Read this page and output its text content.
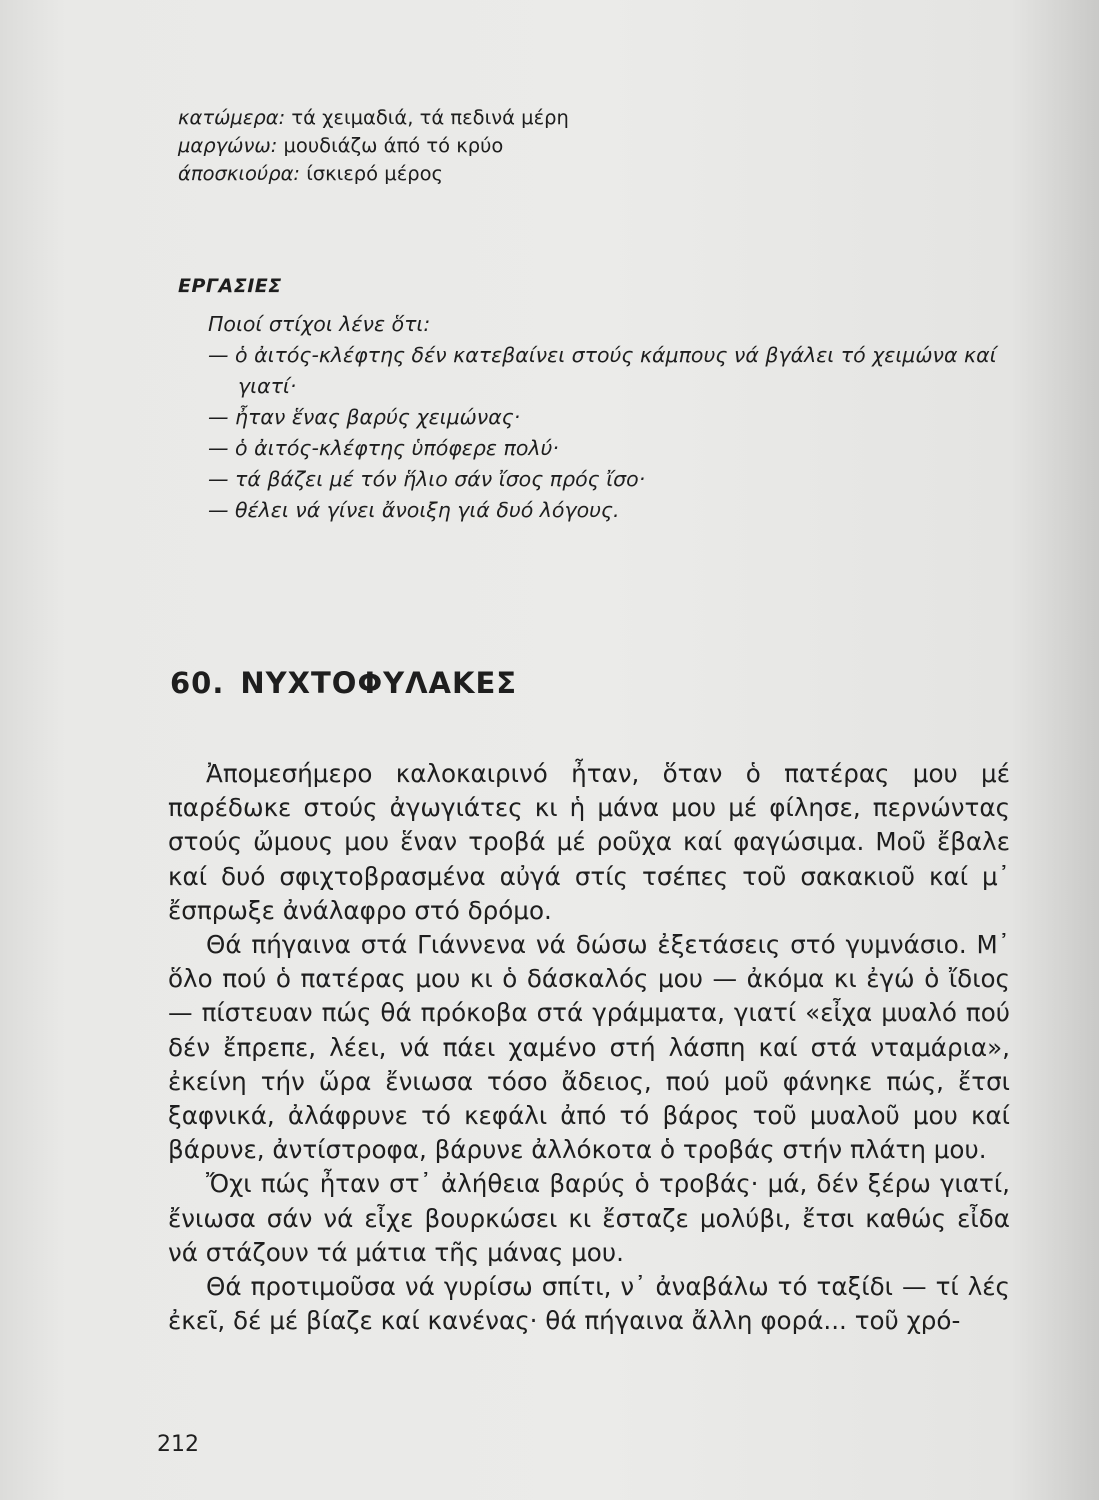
κατώμερα: τά χειμαδιά, τά πεδινά μέρη
μαργώνω: μουδιάζω άπό τό κρύο
άποσκιούρα: ίσκιερό μέρος
ΕΡΓΑΣΙΕΣ
Ποιοί στίχοι λένε ὅτι:
— ὁ ἀιτός-κλέφτης δέν κατεβαίνει στούς κάμπους νά βγάλει τό χειμώνα καί γιατί·
— ἦταν ἕνας βαρύς χειμώνας·
— ὁ ἀιτός-κλέφτης ὑπόφερε πολύ·
— τά βάζει μέ τόν ἥλιο σάν ἴσος πρός ἴσο·
— θέλει νά γίνει ἄνοιξη γιά δυό λόγους.
60. ΝΥΧΤΟΦΥΛΑΚΕΣ

Ἀπομεσήμερο καλοκαιρινό ἦταν, ὅταν ὁ πατέρας μου μέ παρέδωκε στούς ἀγωγιάτες κι ἡ μάνα μου μέ φίλησε, περνώντας στούς ὤμους μου ἕναν τροβά μέ ροῦχα καί φαγώσιμα. Μοῦ ἔβαλε καί δυό σφιχτοβρασμένα αὐγά στίς τσέπες τοῦ σακακιοῦ καί μ᾽ ἔσπρωξε ἀνάλαφρο στό δρόμο.

Θά πήγαινα στά Γιάννενα νά δώσω ἐξετάσεις στό γυμνάσιο. Μ᾽ ὅλο πού ὁ πατέρας μου κι ὁ δάσκαλός μου — ἀκόμα κι ἐγώ ὁ ἴδιος — πίστευαν πώς θά πρόκοβα στά γράμματα, γιατί «εἶχα μυαλό πού δέν ἔπρεπε, λέει, νά πάει χαμένο στή λάσπη καί στά νταμάρια», ἐκείνη τήν ὥρα ἔνιωσα τόσο ἄδειος, πού μοῦ φάνηκε πώς, ἔτσι ξαφνικά, ἀλάφρυνε τό κεφάλι ἀπό τό βάρος τοῦ μυαλοῦ μου καί βάρυνε, ἀντίστροφα, βάρυνε ἀλλόκοτα ὁ τροβάς στήν πλάτη μου.

Ὄχι πώς ἦταν στ᾽ ἀλήθεια βαρύς ὁ τροβάς· μά, δέν ξέρω γιατί, ἔνιωσα σάν νά εἶχε βουρκώσει κι ἔσταζε μολύβι, ἔτσι καθώς εἶδα νά στάζουν τά μάτια τῆς μάνας μου.

Θά προτιμοῦσα νά γυρίσω σπίτι, ν᾽ ἀναβάλω τό ταξίδι — τί λές ἐκεῖ, δέ μέ βίαζε καί κανένας· θά πήγαινα ἄλλη φορά... τοῦ χρό-

212
